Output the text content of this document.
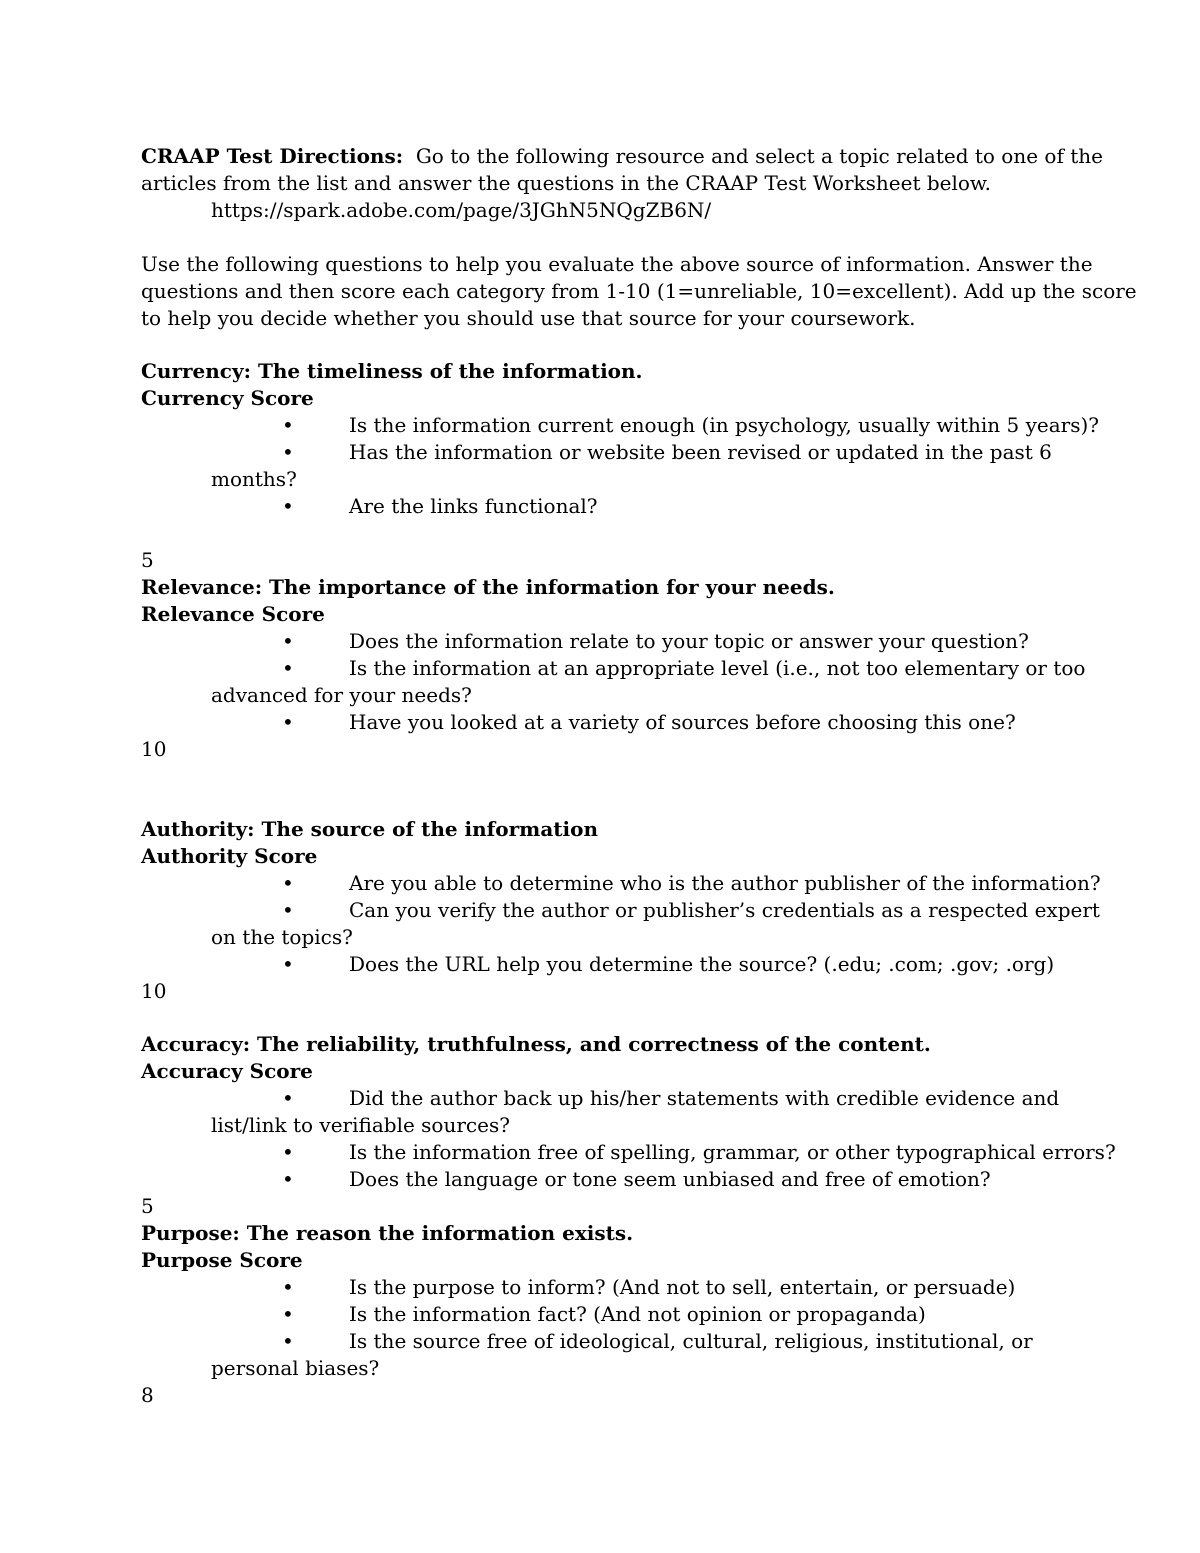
CRAAP Test Directions: Go to the following resource and select a topic related to one of the
articles from the list and answer the questions in the CRAAP Test Worksheet below.
https://spark.adobe.com/page/3JGhN5NQgZB6N/
Use the following questions to help you evaluate the above source of information. Answer the
questions and then score each category from 1-10 (1=unreliable, 10=excellent). Add up the score
to help you decide whether you should use that source for your coursework.
Currency: The timeliness of the information.
Currency Score
•	Is the information current enough (in psychology, usually within 5 years)?
•	Has the information or website been revised or updated in the past 6
months?
•	Are the links functional?
5
Relevance: The importance of the information for your needs.
Relevance Score
•	Does the information relate to your topic or answer your question?
•	Is the information at an appropriate level (i.e., not too elementary or too
advanced for your needs?
•	Have you looked at a variety of sources before choosing this one?
10
Authority: The source of the information
Authority Score
•	Are you able to determine who is the author publisher of the information?
•	Can you verify the author or publisher’s credentials as a respected expert
on the topics?
•	Does the URL help you determine the source? (.edu; .com; .gov; .org)
10
Accuracy: The reliability, truthfulness, and correctness of the content.
Accuracy Score
•	Did the author back up his/her statements with credible evidence and
list/link to verifiable sources?
•	Is the information free of spelling, grammar, or other typographical errors?
•	Does the language or tone seem unbiased and free of emotion?
5
Purpose: The reason the information exists.
Purpose Score
•	Is the purpose to inform? (And not to sell, entertain, or persuade)
•	Is the information fact? (And not opinion or propaganda)
•	Is the source free of ideological, cultural, religious, institutional, or
personal biases?
8
